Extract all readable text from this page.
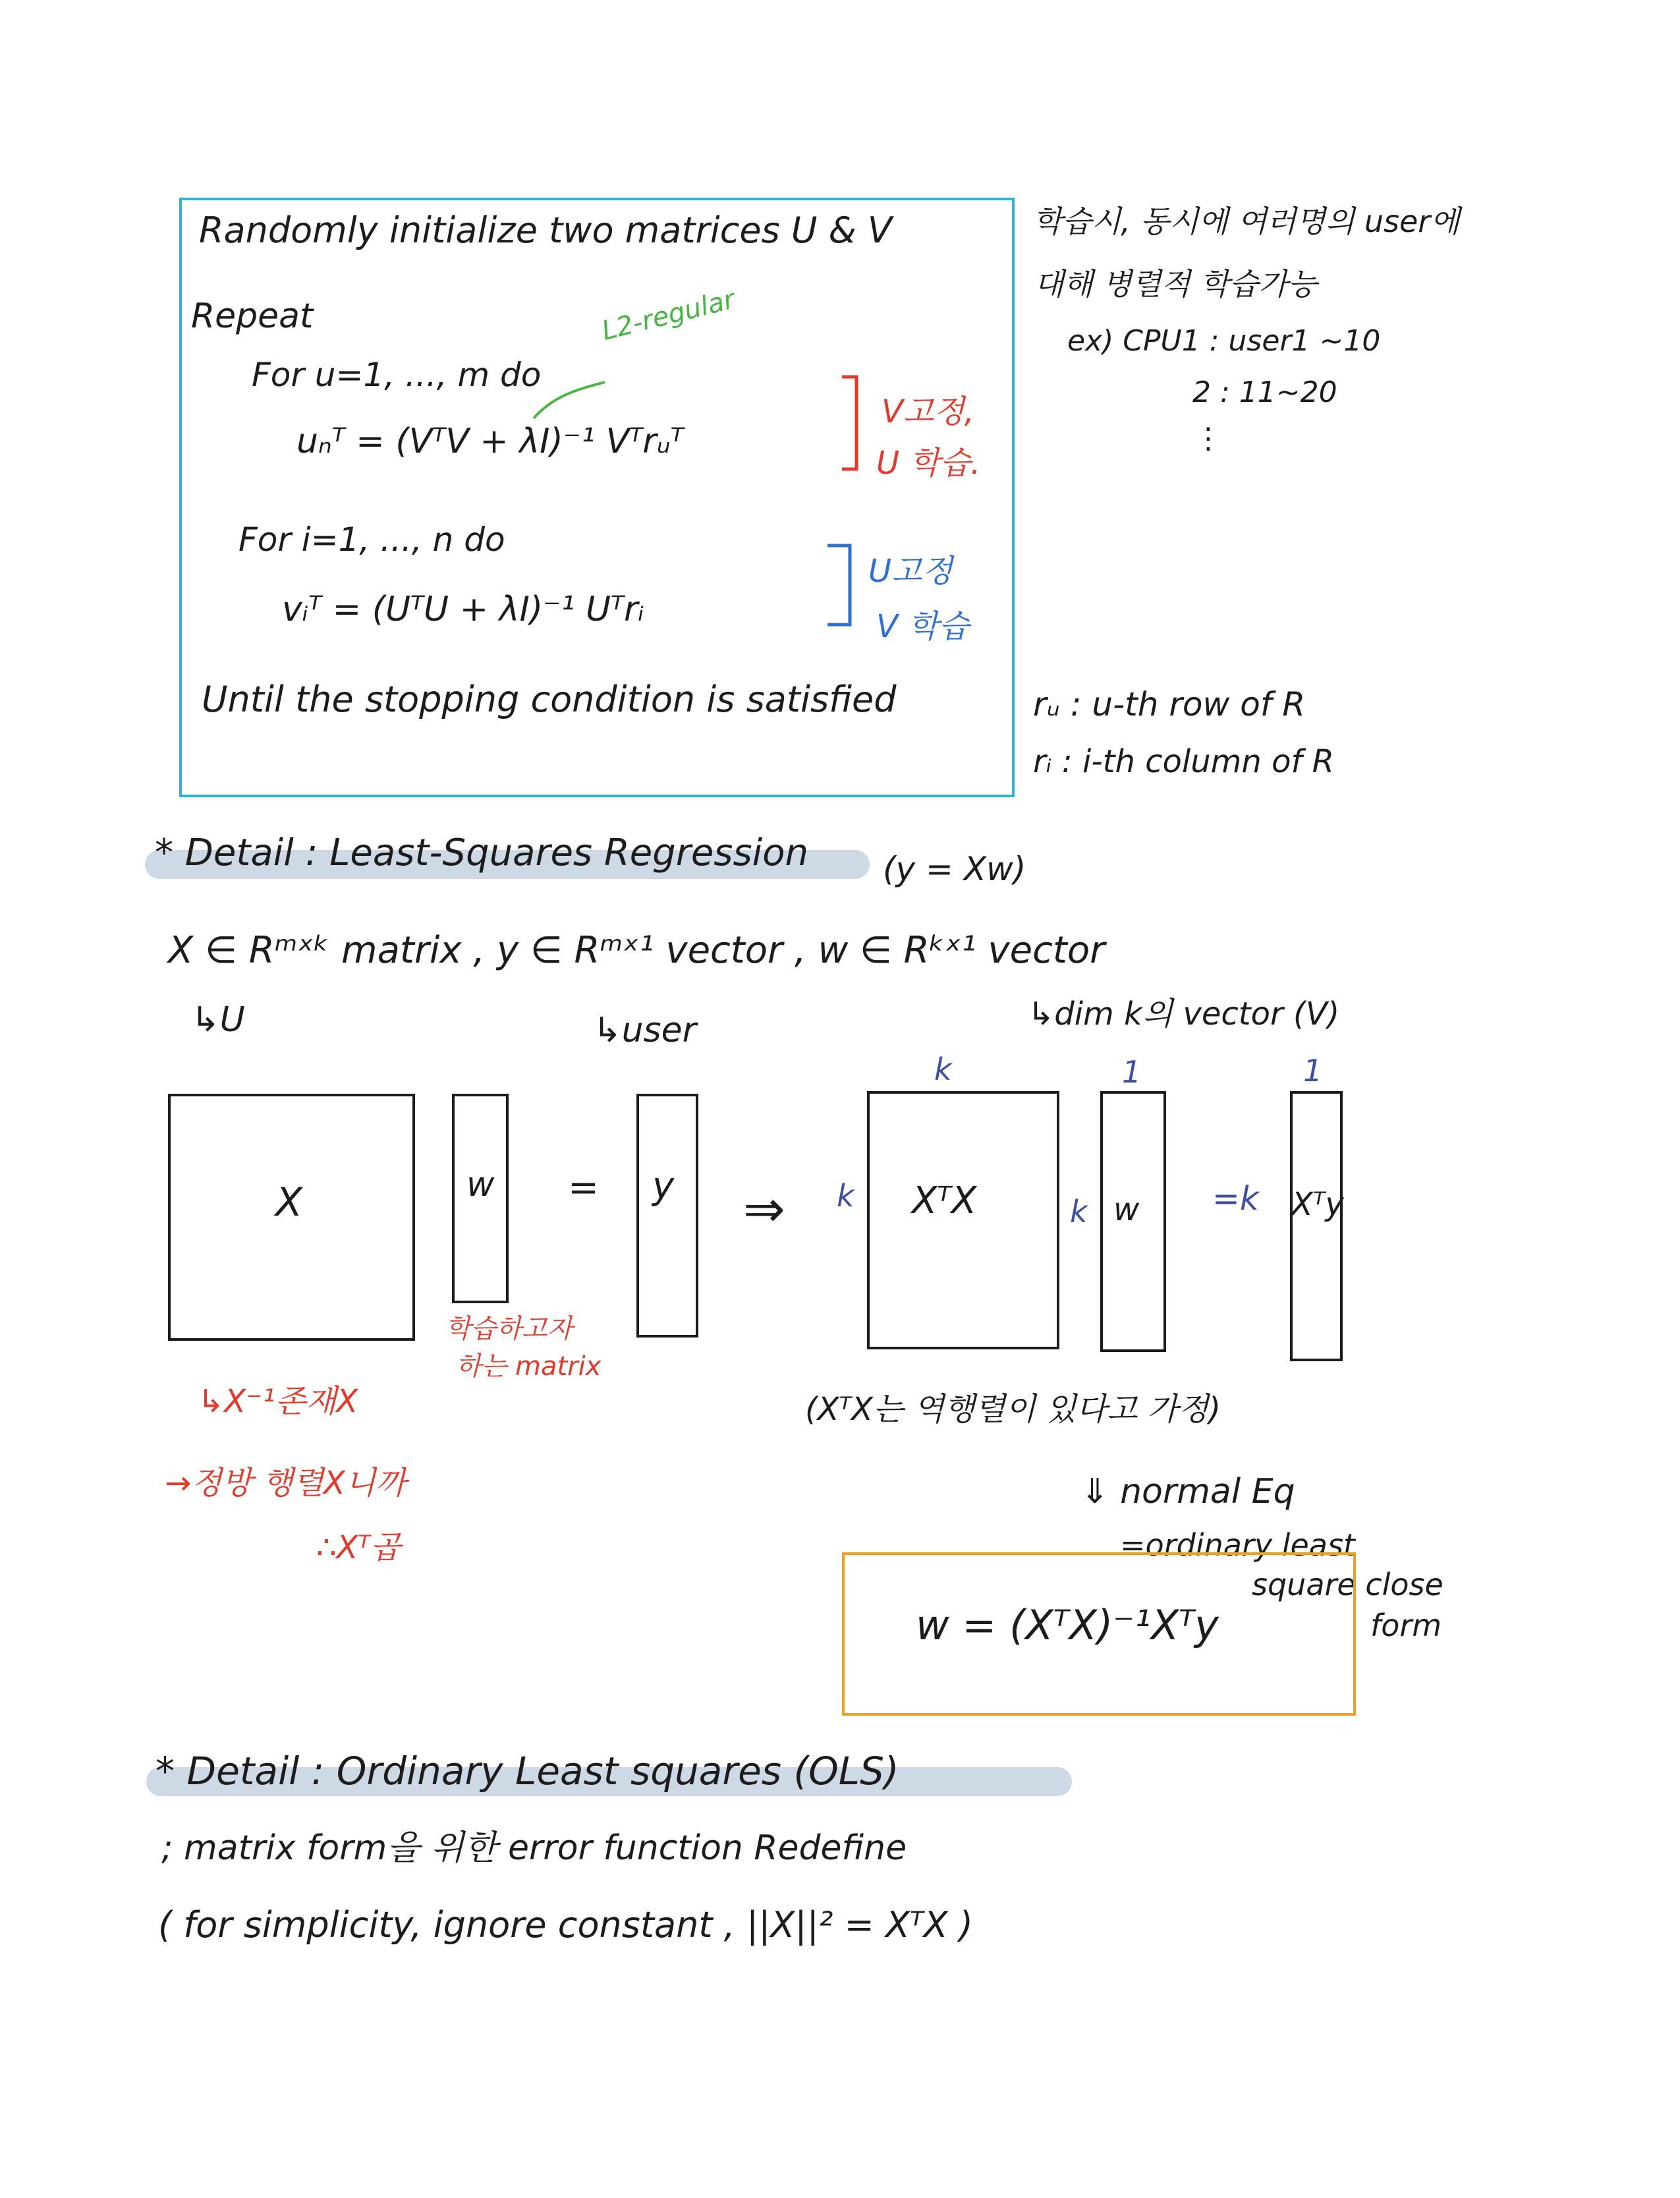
Randomly initialize two matrices U & V
Repeat
For u=1, ..., m do
L2-regular
uₙᵀ = (VᵀV + λI)⁻¹ Vᵀrᵤᵀ
V고정,
U 학습.
For i=1, ..., n do
vᵢᵀ = (UᵀU + λI)⁻¹ Uᵀrᵢ
U고정
V 학습
Until the stopping condition is satisfied
학습시, 동시에 여러명의 user에
대해 병렬적 학습가능
ex) CPU1 : user1 ~10
2 : 11~20
⋮
rᵤ : u-th row of R
rᵢ : i-th column of R
* Detail : Least-Squares Regression (y = Xw)
X ∈ Rᵐˣᵏ matrix , y ∈ Rᵐˣ¹ vector , w ∈ Rᵏˣ¹ vector
↳U	↳user	↳dim k의 vector (V)
X	w = y ⇒ k
k
XᵀX	k
1
w =k
1
Xᵀy
학습하고자
하는 matrix
↳X⁻¹존재X
→정방 행렬X니까
∴Xᵀ곱
(XᵀX는 역행렬이 있다고 가정)
⇓ normal Eq
=ordinary least
square close
form
w = (XᵀX)⁻¹Xᵀy
* Detail : Ordinary Least squares (OLS)
; matrix form을 위한 error function Redefine
( for simplicity, ignore constant , ||X||² = XᵀX )
